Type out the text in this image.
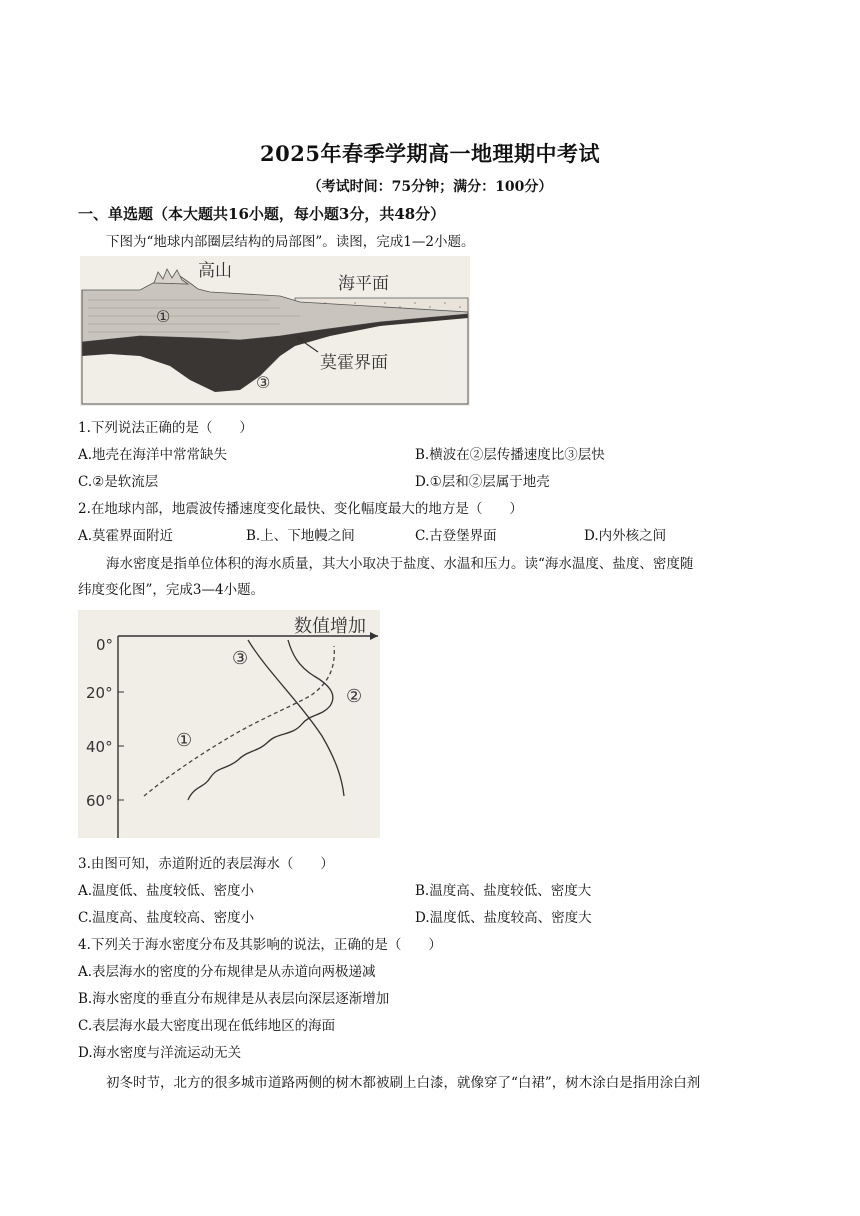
2025年春季学期高一地理期中考试
（考试时间：75分钟；满分：100分）
一、单选题（本大题共16小题，每小题3分，共48分）
下图为“地球内部圈层结构的局部图”。读图，完成1—2小题。
高山
海平面
莫霍界面
①
③
1.下列说法正确的是（　　）
A.地壳在海洋中常常缺失	B.横波在②层传播速度比③层快
C.②是软流层	D.①层和②层属于地壳
2.在地球内部，地震波传播速度变化最快、变化幅度最大的地方是（　　）
A.莫霍界面附近	B.上、下地幔之间	C.古登堡界面	D.内外核之间
海水密度是指单位体积的海水质量，其大小取决于盐度、水温和压力。读“海水温度、盐度、密度随
纬度变化图”，完成3—4小题。
数值增加
0°
20°
40°
60°
①
②
③
3.由图可知，赤道附近的表层海水（　　）
A.温度低、盐度较低、密度小	B.温度高、盐度较低、密度大
C.温度高、盐度较高、密度小	D.温度低、盐度较高、密度大
4.下列关于海水密度分布及其影响的说法，正确的是（　　）
A.表层海水的密度的分布规律是从赤道向两极递减
B.海水密度的垂直分布规律是从表层向深层逐渐增加
C.表层海水最大密度出现在低纬地区的海面
D.海水密度与洋流运动无关
初冬时节，北方的很多城市道路两侧的树木都被刷上白漆，就像穿了“白裙”，树木涂白是指用涂白剂
